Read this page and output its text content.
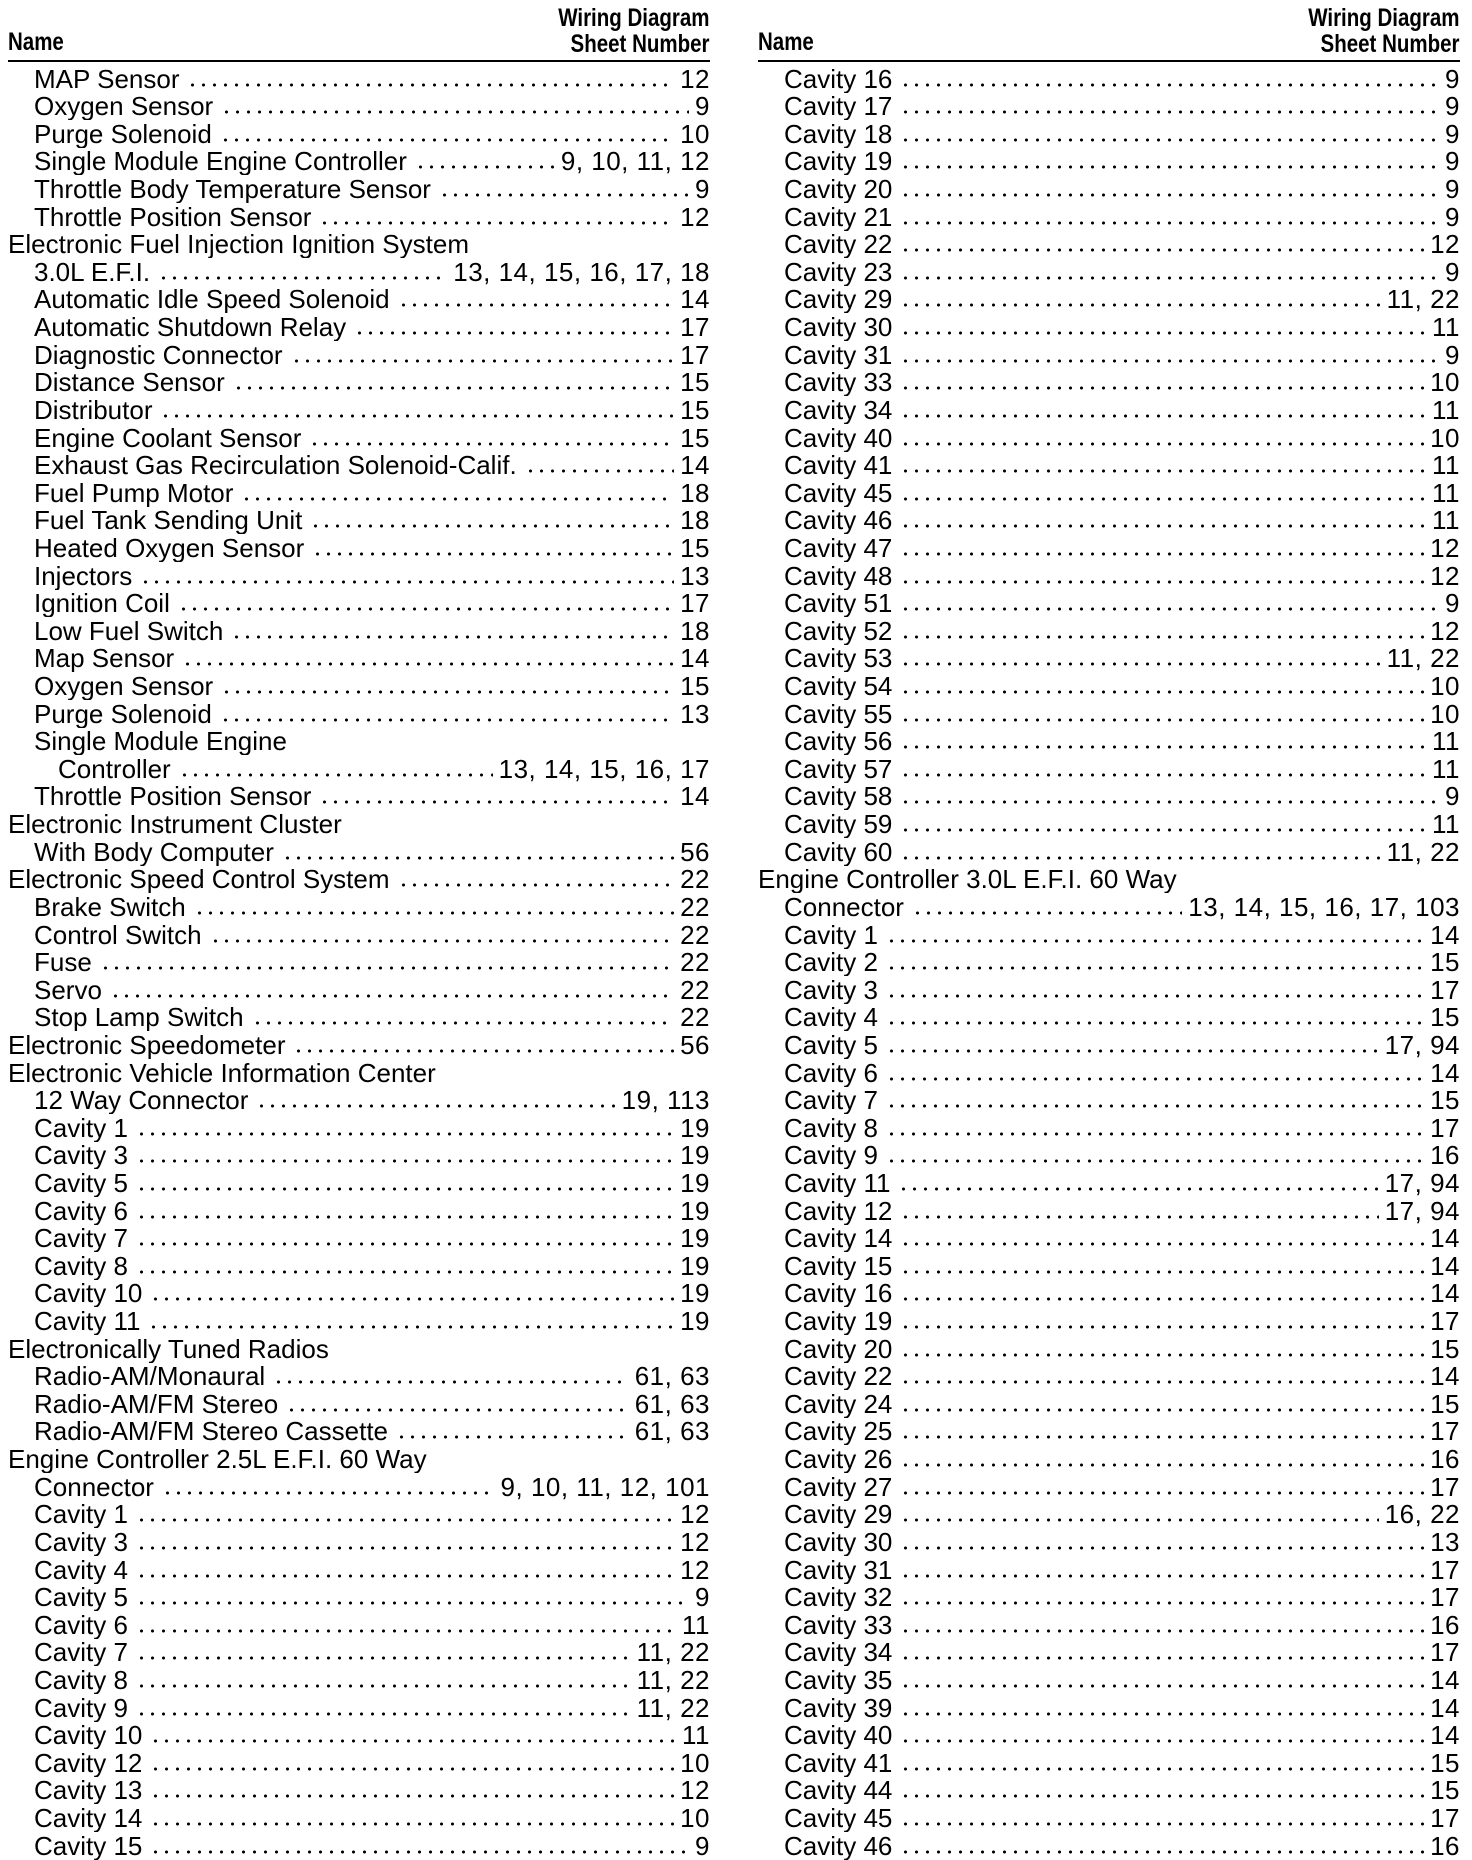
Name
Wiring Diagram
Sheet Number
MAP Sensor	12
Oxygen Sensor	9
Purge Solenoid	10
Single Module Engine Controller	9, 10, 11, 12
Throttle Body Temperature Sensor	9
Throttle Position Sensor	12
Electronic Fuel Injection Ignition System
3.0L E.F.I.	13, 14, 15, 16, 17, 18
Automatic Idle Speed Solenoid	14
Automatic Shutdown Relay	17
Diagnostic Connector	17
Distance Sensor	15
Distributor	15
Engine Coolant Sensor	15
Exhaust Gas Recirculation Solenoid-Calif.	14
Fuel Pump Motor	18
Fuel Tank Sending Unit	18
Heated Oxygen Sensor	15
Injectors	13
Ignition Coil	17
Low Fuel Switch	18
Map Sensor	14
Oxygen Sensor	15
Purge Solenoid	13
Single Module Engine
Controller	13, 14, 15, 16, 17
Throttle Position Sensor	14
Electronic Instrument Cluster
With Body Computer	56
Electronic Speed Control System	22
Brake Switch	22
Control Switch	22
Fuse	22
Servo	22
Stop Lamp Switch	22
Electronic Speedometer	56
Electronic Vehicle Information Center
12 Way Connector	19, 113
Cavity 1	19
Cavity 3	19
Cavity 5	19
Cavity 6	19
Cavity 7	19
Cavity 8	19
Cavity 10	19
Cavity 11	19
Electronically Tuned Radios
Radio-AM/Monaural	61, 63
Radio-AM/FM Stereo	61, 63
Radio-AM/FM Stereo Cassette	61, 63
Engine Controller 2.5L E.F.I. 60 Way
Connector	9, 10, 11, 12, 101
Cavity 1	12
Cavity 3	12
Cavity 4	12
Cavity 5	9
Cavity 6	11
Cavity 7	11, 22
Cavity 8	11, 22
Cavity 9	11, 22
Cavity 10	11
Cavity 12	10
Cavity 13	12
Cavity 14	10
Cavity 15	9
Name
Wiring Diagram
Sheet Number
Cavity 16	9
Cavity 17	9
Cavity 18	9
Cavity 19	9
Cavity 20	9
Cavity 21	9
Cavity 22	12
Cavity 23	9
Cavity 29	11, 22
Cavity 30	11
Cavity 31	9
Cavity 33	10
Cavity 34	11
Cavity 40	10
Cavity 41	11
Cavity 45	11
Cavity 46	11
Cavity 47	12
Cavity 48	12
Cavity 51	9
Cavity 52	12
Cavity 53	11, 22
Cavity 54	10
Cavity 55	10
Cavity 56	11
Cavity 57	11
Cavity 58	9
Cavity 59	11
Cavity 60	11, 22
Engine Controller 3.0L E.F.I. 60 Way
Connector	13, 14, 15, 16, 17, 103
Cavity 1	14
Cavity 2	15
Cavity 3	17
Cavity 4	15
Cavity 5	17, 94
Cavity 6	14
Cavity 7	15
Cavity 8	17
Cavity 9	16
Cavity 11	17, 94
Cavity 12	17, 94
Cavity 14	14
Cavity 15	14
Cavity 16	14
Cavity 19	17
Cavity 20	15
Cavity 22	14
Cavity 24	15
Cavity 25	17
Cavity 26	16
Cavity 27	17
Cavity 29	16, 22
Cavity 30	13
Cavity 31	17
Cavity 32	17
Cavity 33	16
Cavity 34	17
Cavity 35	14
Cavity 39	14
Cavity 40	14
Cavity 41	15
Cavity 44	15
Cavity 45	17
Cavity 46	16
